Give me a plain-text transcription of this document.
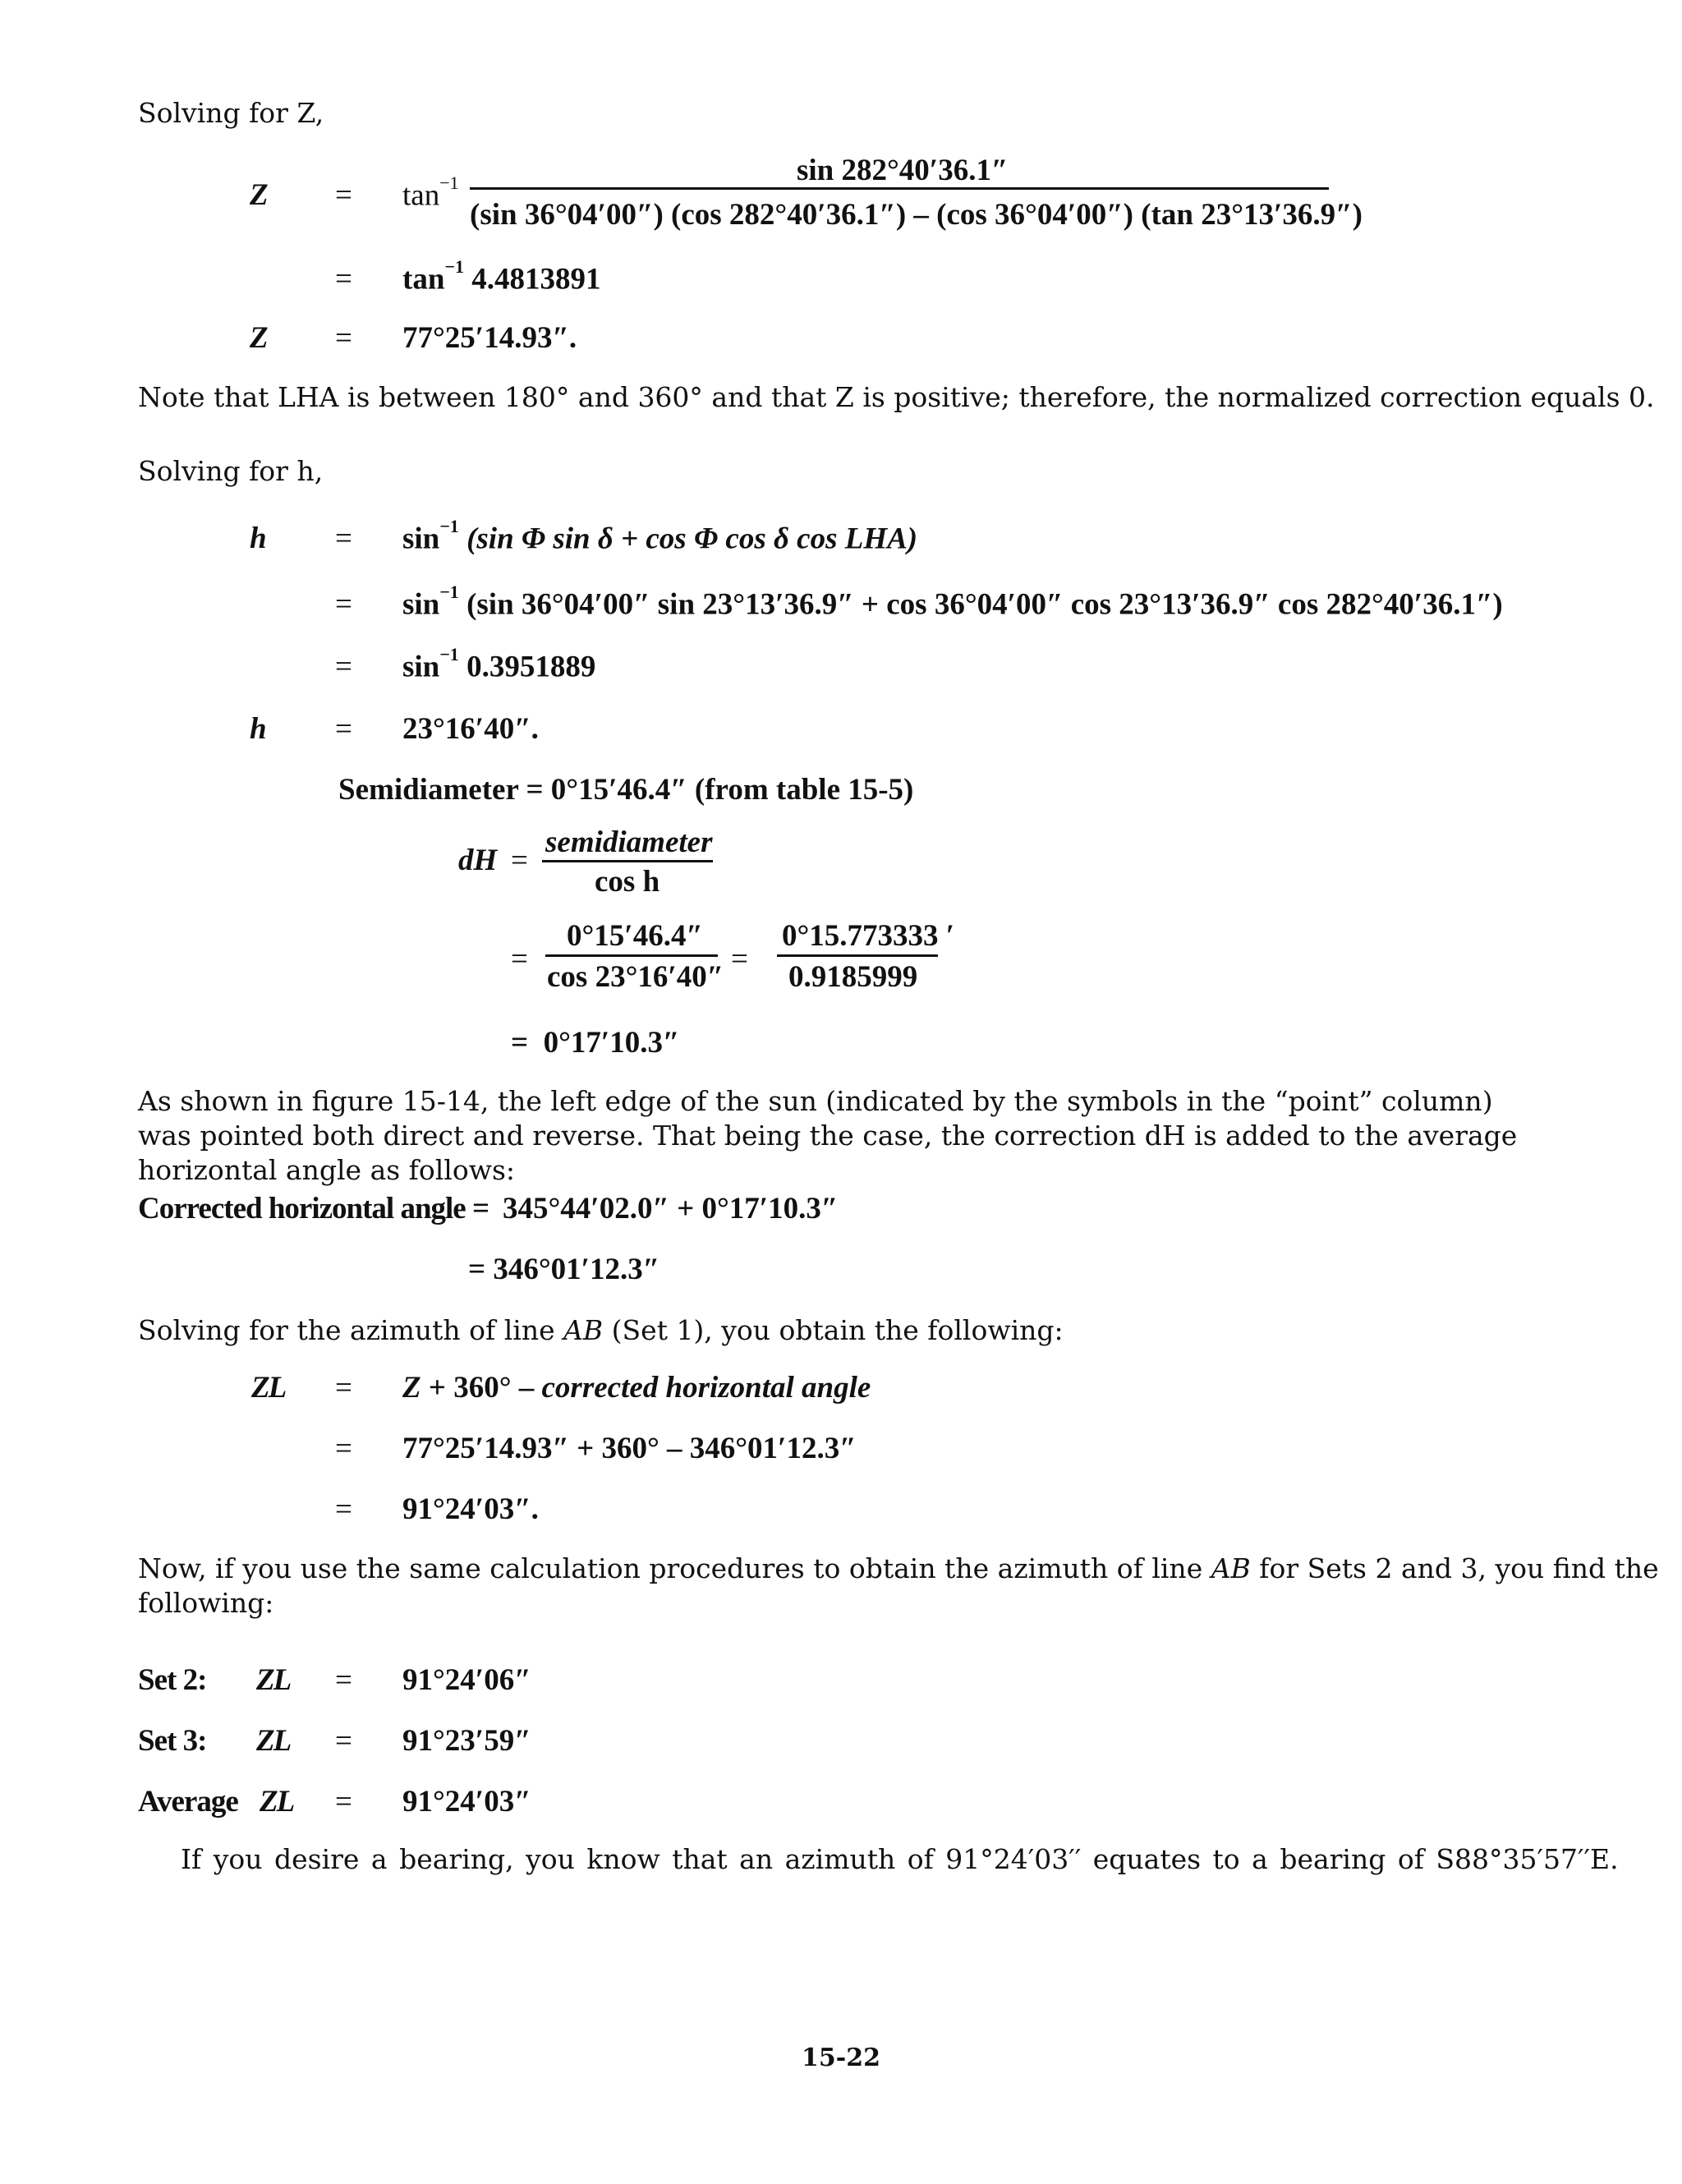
Solving for Z,
$Z = \tan^{-1}$	sin 282°40′36.1″
(sin 36°04′00″) (cos 282°40′36.1″) – (cos 36°04′00″) (tan 23°13′36.9″)
= $\tan^{-1} 4.4813891$
Z = 77°25′14.93″.
Note that LHA is between 180° and 360° and that Z is positive; therefore, the normalized correction equals 0.
Solving for h,
$h = \sin^{-1} (\sin$ Φ sin δ + cos Φ cos δ cos LHA)
= $\sin^{-1} (\sin$ 36°04′00″ sin 23°13′36.9″ + cos 36°04′00″ cos 23°13′36.9″ cos 282°40′36.1″)
= $\sin^{-1} 0.3951889$
h = 23°16′40″.
Semidiameter = 0°15′46.4″ (from table 15-5)
dH =
semidiameter
cos h
=
0°15′46.4″
cos 23°16′40″
=
0°15.773333 ′
0.9185999
= 0°17′10.3″
As shown in figure 15-14, the left edge of the sun (indicated by the symbols in the “point” column) was pointed both direct and reverse. That being the case, the correction dH is added to the average horizontal angle as follows:
Corrected horizontal angle = 345°44′02.0″ + 0°17′10.3″
= 346°01′12.3″
Solving for the azimuth of line AB (Set 1), you obtain the following:
ZL = Z + 360° – corrected horizontal angle
= 77°25′14.93″ + 360° – 346°01′12.3″
= 91°24′03″.
Now, if you use the same calculation procedures to obtain the azimuth of line AB for Sets 2 and 3, you find the
following:
Set 2: ZL = 91°24′06″
Set 3: ZL = 91°23′59″
Average ZL = 91°24′03″
If you desire a bearing, you know that an azimuth of 91°24′03′′ equates to a bearing of S88°35′57′′E.
15-22
